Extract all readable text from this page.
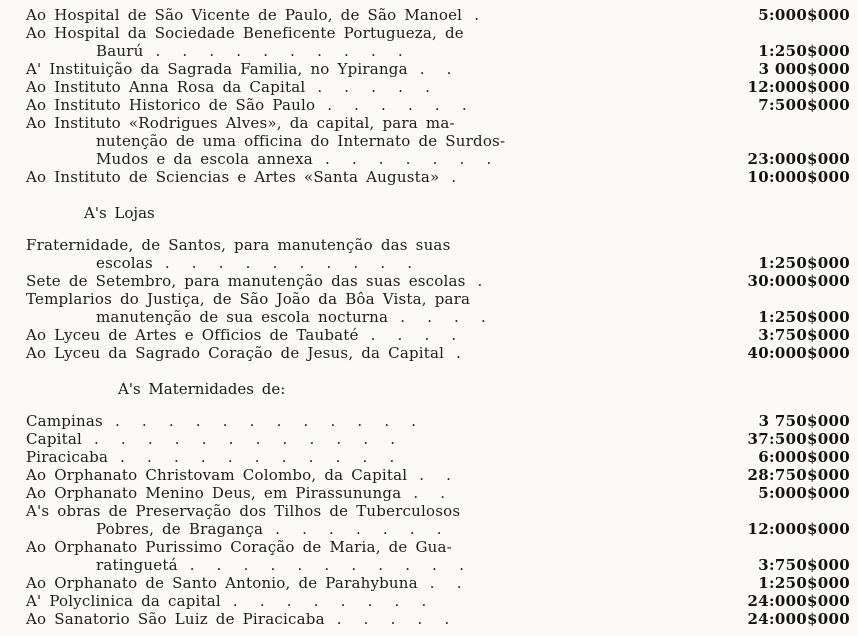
Ao Hospital de São Vicente de Paulo, de São Manoel .	5:000$000
Ao Hospital da Sociedade Beneficente Portugueza, de
Baurú . . . . . . . . . .	1:250$000
A' Instituição da Sagrada Familia, no Ypiranga . .	3 000$000
Ao Instituto Anna Rosa da Capital . . . . .	12:000$000
Ao Instituto Historico de São Paulo . . . . . .	7:500$000
Ao Instituto «Rodrigues Alves», da capital, para ma-
nutenção de uma officina do Internato de Surdos-
Mudos e da escola annexa . . . . . . .	23:000$000
Ao Instituto de Sciencias e Artes «Santa Augusta» .	10:000$000
A's Lojas
Fraternidade, de Santos, para manutenção das suas
escolas . . . . . . . . . .	1:250$000
Sete de Setembro, para manutenção das suas escolas .	30:000$000
Templarios do Justiça, de São João da Bôa Vista, para
manutenção de sua escola nocturna . . . .	1:250$000
Ao Lyceu de Artes e Officios de Taubaté . . . .	3:750$000
Ao Lyceu da Sagrado Coração de Jesus, da Capital .	40:000$000
A's Maternidades de:
Campinas . . . . . . . . . . . .	3 750$000
Capital . . . . . . . . . . . .	37:500$000
Piracicaba . . . . . . . . . . .	6:000$000
Ao Orphanato Christovam Colombo, da Capital . .	28:750$000
Ao Orphanato Menino Deus, em Pirassununga . .	5:000$000
A's obras de Preservação dos Tilhos de Tuberculosos
Pobres, de Bragança . . . . . . .	12:000$000
Ao Orphanato Purissimo Coração de Maria, de Gua-
ratinguetá . . . . . . . . . . .	3:750$000
Ao Orphanato de Santo Antonio, de Parahybuna . .	1:250$000
A' Polyclinica da capital . . . . . . . .	24:000$000
Ao Sanatorio São Luiz de Piracicaba . . . . .	24:000$000
